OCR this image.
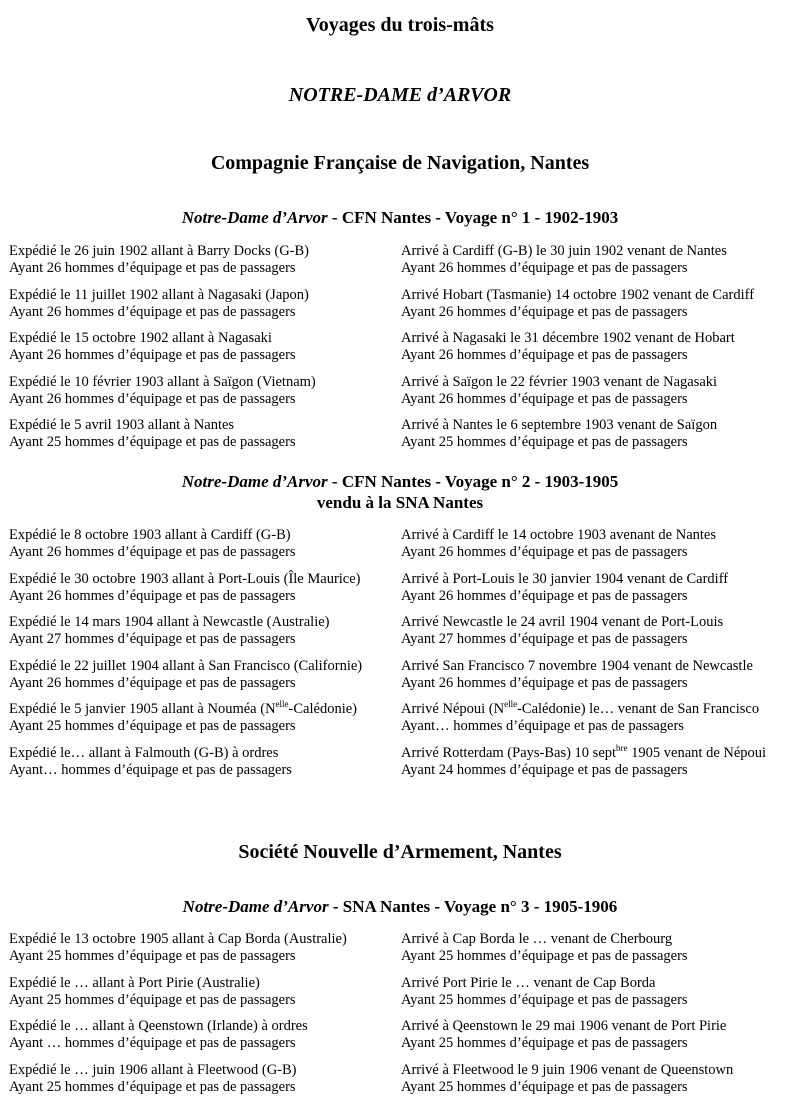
Voyages du trois-mâts
NOTRE-DAME d’ARVOR
Compagnie Française de Navigation, Nantes
Notre-Dame d’Arvor - CFN Nantes - Voyage n° 1 - 1902-1903
Expédié le 26 juin 1902 allant à Barry Docks (G-B)
Ayant 26 hommes d’équipage et pas de passagers
Arrivé à Cardiff (G-B) le 30 juin 1902 venant de Nantes
Ayant 26 hommes d’équipage et pas de passagers
Expédié le 11 juillet 1902 allant à Nagasaki (Japon)
Ayant 26 hommes d’équipage et pas de passagers
Arrivé Hobart (Tasmanie) 14 octobre 1902 venant de Cardiff
Ayant 26 hommes d’équipage et pas de passagers
Expédié le 15 octobre 1902 allant à Nagasaki
Ayant 26 hommes d’équipage et pas de passagers
Arrivé à Nagasaki le 31 décembre 1902 venant de Hobart
Ayant 26 hommes d’équipage et pas de passagers
Expédié le 10 février 1903 allant à Saïgon (Vietnam)
Ayant 26 hommes d’équipage et pas de passagers
Arrivé à Saïgon le 22 février 1903 venant de Nagasaki
Ayant 26 hommes d’équipage et pas de passagers
Expédié le 5 avril 1903 allant à Nantes
Ayant 25 hommes d’équipage et pas de passagers
Arrivé à Nantes le 6 septembre 1903 venant de Saïgon
Ayant 25 hommes d’équipage et pas de passagers
Notre-Dame d’Arvor - CFN Nantes - Voyage n° 2 - 1903-1905
vendu à la SNA Nantes
Expédié le 8 octobre 1903 allant à Cardiff (G-B)
Ayant 26 hommes d’équipage et pas de passagers
Arrivé à Cardiff le 14 octobre 1903 avenant de Nantes
Ayant 26 hommes d’équipage et pas de passagers
Expédié le 30 octobre 1903 allant à Port-Louis (Île Maurice)
Ayant 26 hommes d’équipage et pas de passagers
Arrivé à Port-Louis le 30 janvier 1904 venant de Cardiff
Ayant 26 hommes d’équipage et pas de passagers
Expédié le 14 mars 1904 allant à Newcastle (Australie)
Ayant 27 hommes d’équipage et pas de passagers
Arrivé Newcastle le 24 avril 1904 venant de Port-Louis
Ayant 27 hommes d’équipage et pas de passagers
Expédié le 22 juillet 1904 allant à San Francisco (Californie)
Ayant 26 hommes d’équipage et pas de passagers
Arrivé San Francisco 7 novembre 1904 venant de Newcastle
Ayant 26 hommes d’équipage et pas de passagers
Expédié le 5 janvier 1905 allant à Nouméa $(N^{elle}-Calédonie)$
Ayant 25 hommes d’équipage et pas de passagers
Arrivé Népoui $(N^{elle}-Calédonie)$ le… venant de San Francisco
Ayant… hommes d’équipage et pas de passagers
Expédié le… allant à Falmouth (G-B) à ordres
Ayant… hommes d’équipage et pas de passagers
Arrivé Rotterdam (Pays-Bas) 10 sept$^{bre}$ 1905 venant de Népoui
Ayant 24 hommes d’équipage et pas de passagers
Société Nouvelle d’Armement, Nantes
Notre-Dame d’Arvor - SNA Nantes - Voyage n° 3 - 1905-1906
Expédié le 13 octobre 1905 allant à Cap Borda (Australie)
Ayant 25 hommes d’équipage et pas de passagers
Arrivé à Cap Borda le … venant de Cherbourg
Ayant 25 hommes d’équipage et pas de passagers
Expédié le … allant à Port Pirie (Australie)
Ayant 25 hommes d’équipage et pas de passagers
Arrivé Port Pirie le … venant de Cap Borda
Ayant 25 hommes d’équipage et pas de passagers
Expédié le … allant à Qeenstown (Irlande) à ordres
Ayant … hommes d’équipage et pas de passagers
Arrivé à Qeenstown le 29 mai 1906 venant de Port Pirie
Ayant 25 hommes d’équipage et pas de passagers
Expédié le … juin 1906 allant à Fleetwood (G-B)
Ayant 25 hommes d’équipage et pas de passagers
Arrivé à Fleetwood le 9 juin 1906 venant de Queenstown
Ayant 25 hommes d’équipage et pas de passagers
